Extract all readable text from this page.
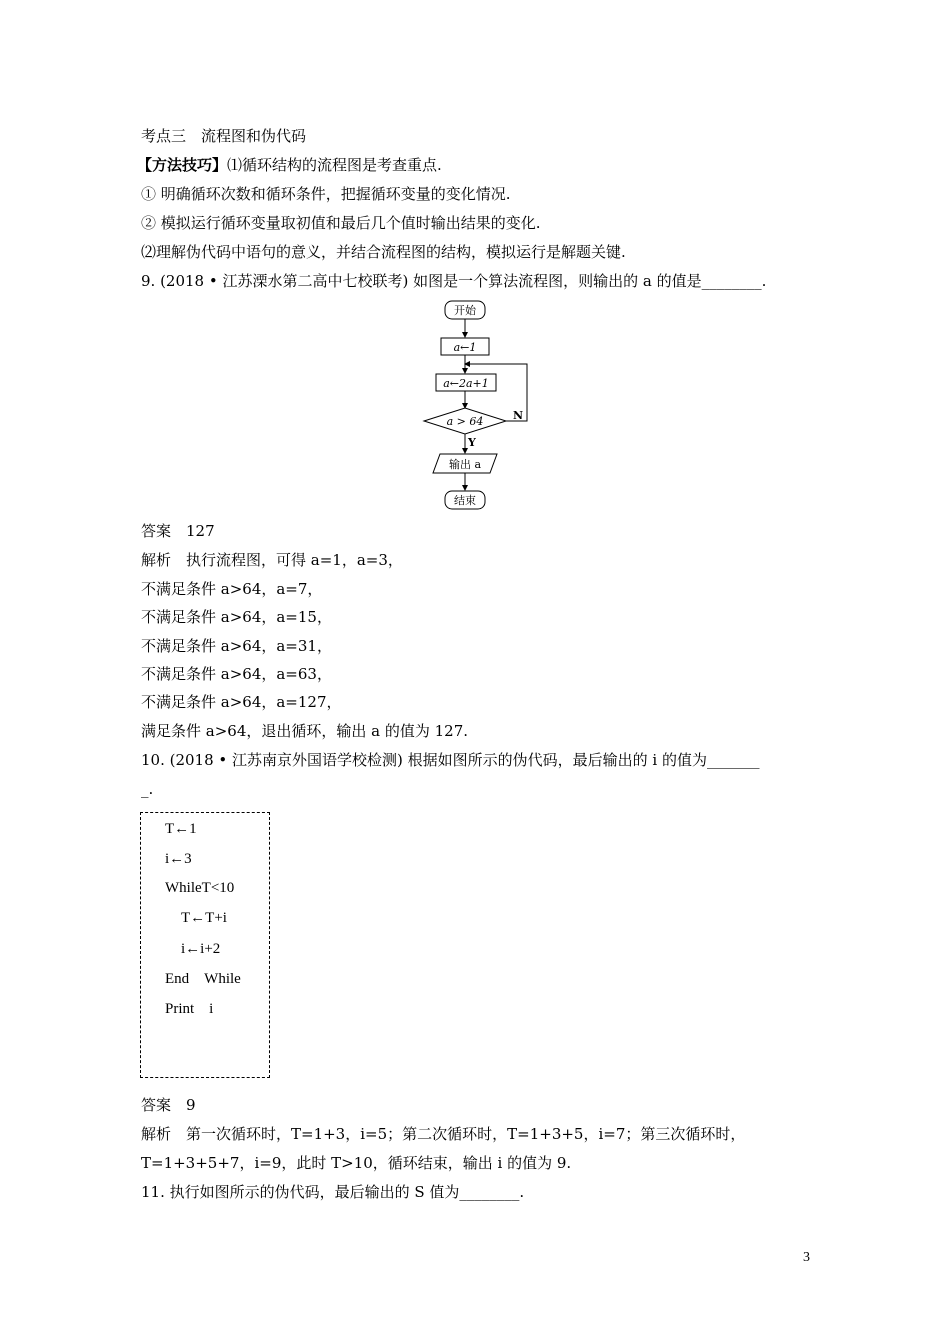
考点三　流程图和伪代码
【方法技巧】⑴循环结构的流程图是考查重点.
① 明确循环次数和循环条件，把握循环变量的变化情况.
② 模拟运行循环变量取初值和最后几个值时输出结果的变化.
⑵理解伪代码中语句的意义，并结合流程图的结构，模拟运行是解题关键.
9. (2018 • 江苏溧水第二高中七校联考) 如图是一个算法流程图，则输出的 a 的值是________.
开始
a←1
a←2a+1
a > 64	N
Y
输出 a
结束
答案　127
解析　执行流程图，可得 a=1，a=3，
不满足条件 a>64，a=7，
不满足条件 a>64，a=15，
不满足条件 a>64，a=31，
不满足条件 a>64，a=63，
不满足条件 a>64，a=127，
满足条件 a>64，退出循环，输出 a 的值为 127.
10. (2018 • 江苏南京外国语学校检测) 根据如图所示的伪代码，最后输出的 i 的值为_______
_.
T←1
i←3
WhileT<10
T←T+i
i←i+2
End　While
Print　i
答案　9
解析　第一次循环时，T=1+3，i=5；第二次循环时，T=1+3+5，i=7；第三次循环时，
T=1+3+5+7，i=9，此时 T>10，循环结束，输出 i 的值为 9.
11. 执行如图所示的伪代码，最后输出的 S 值为________.
3
